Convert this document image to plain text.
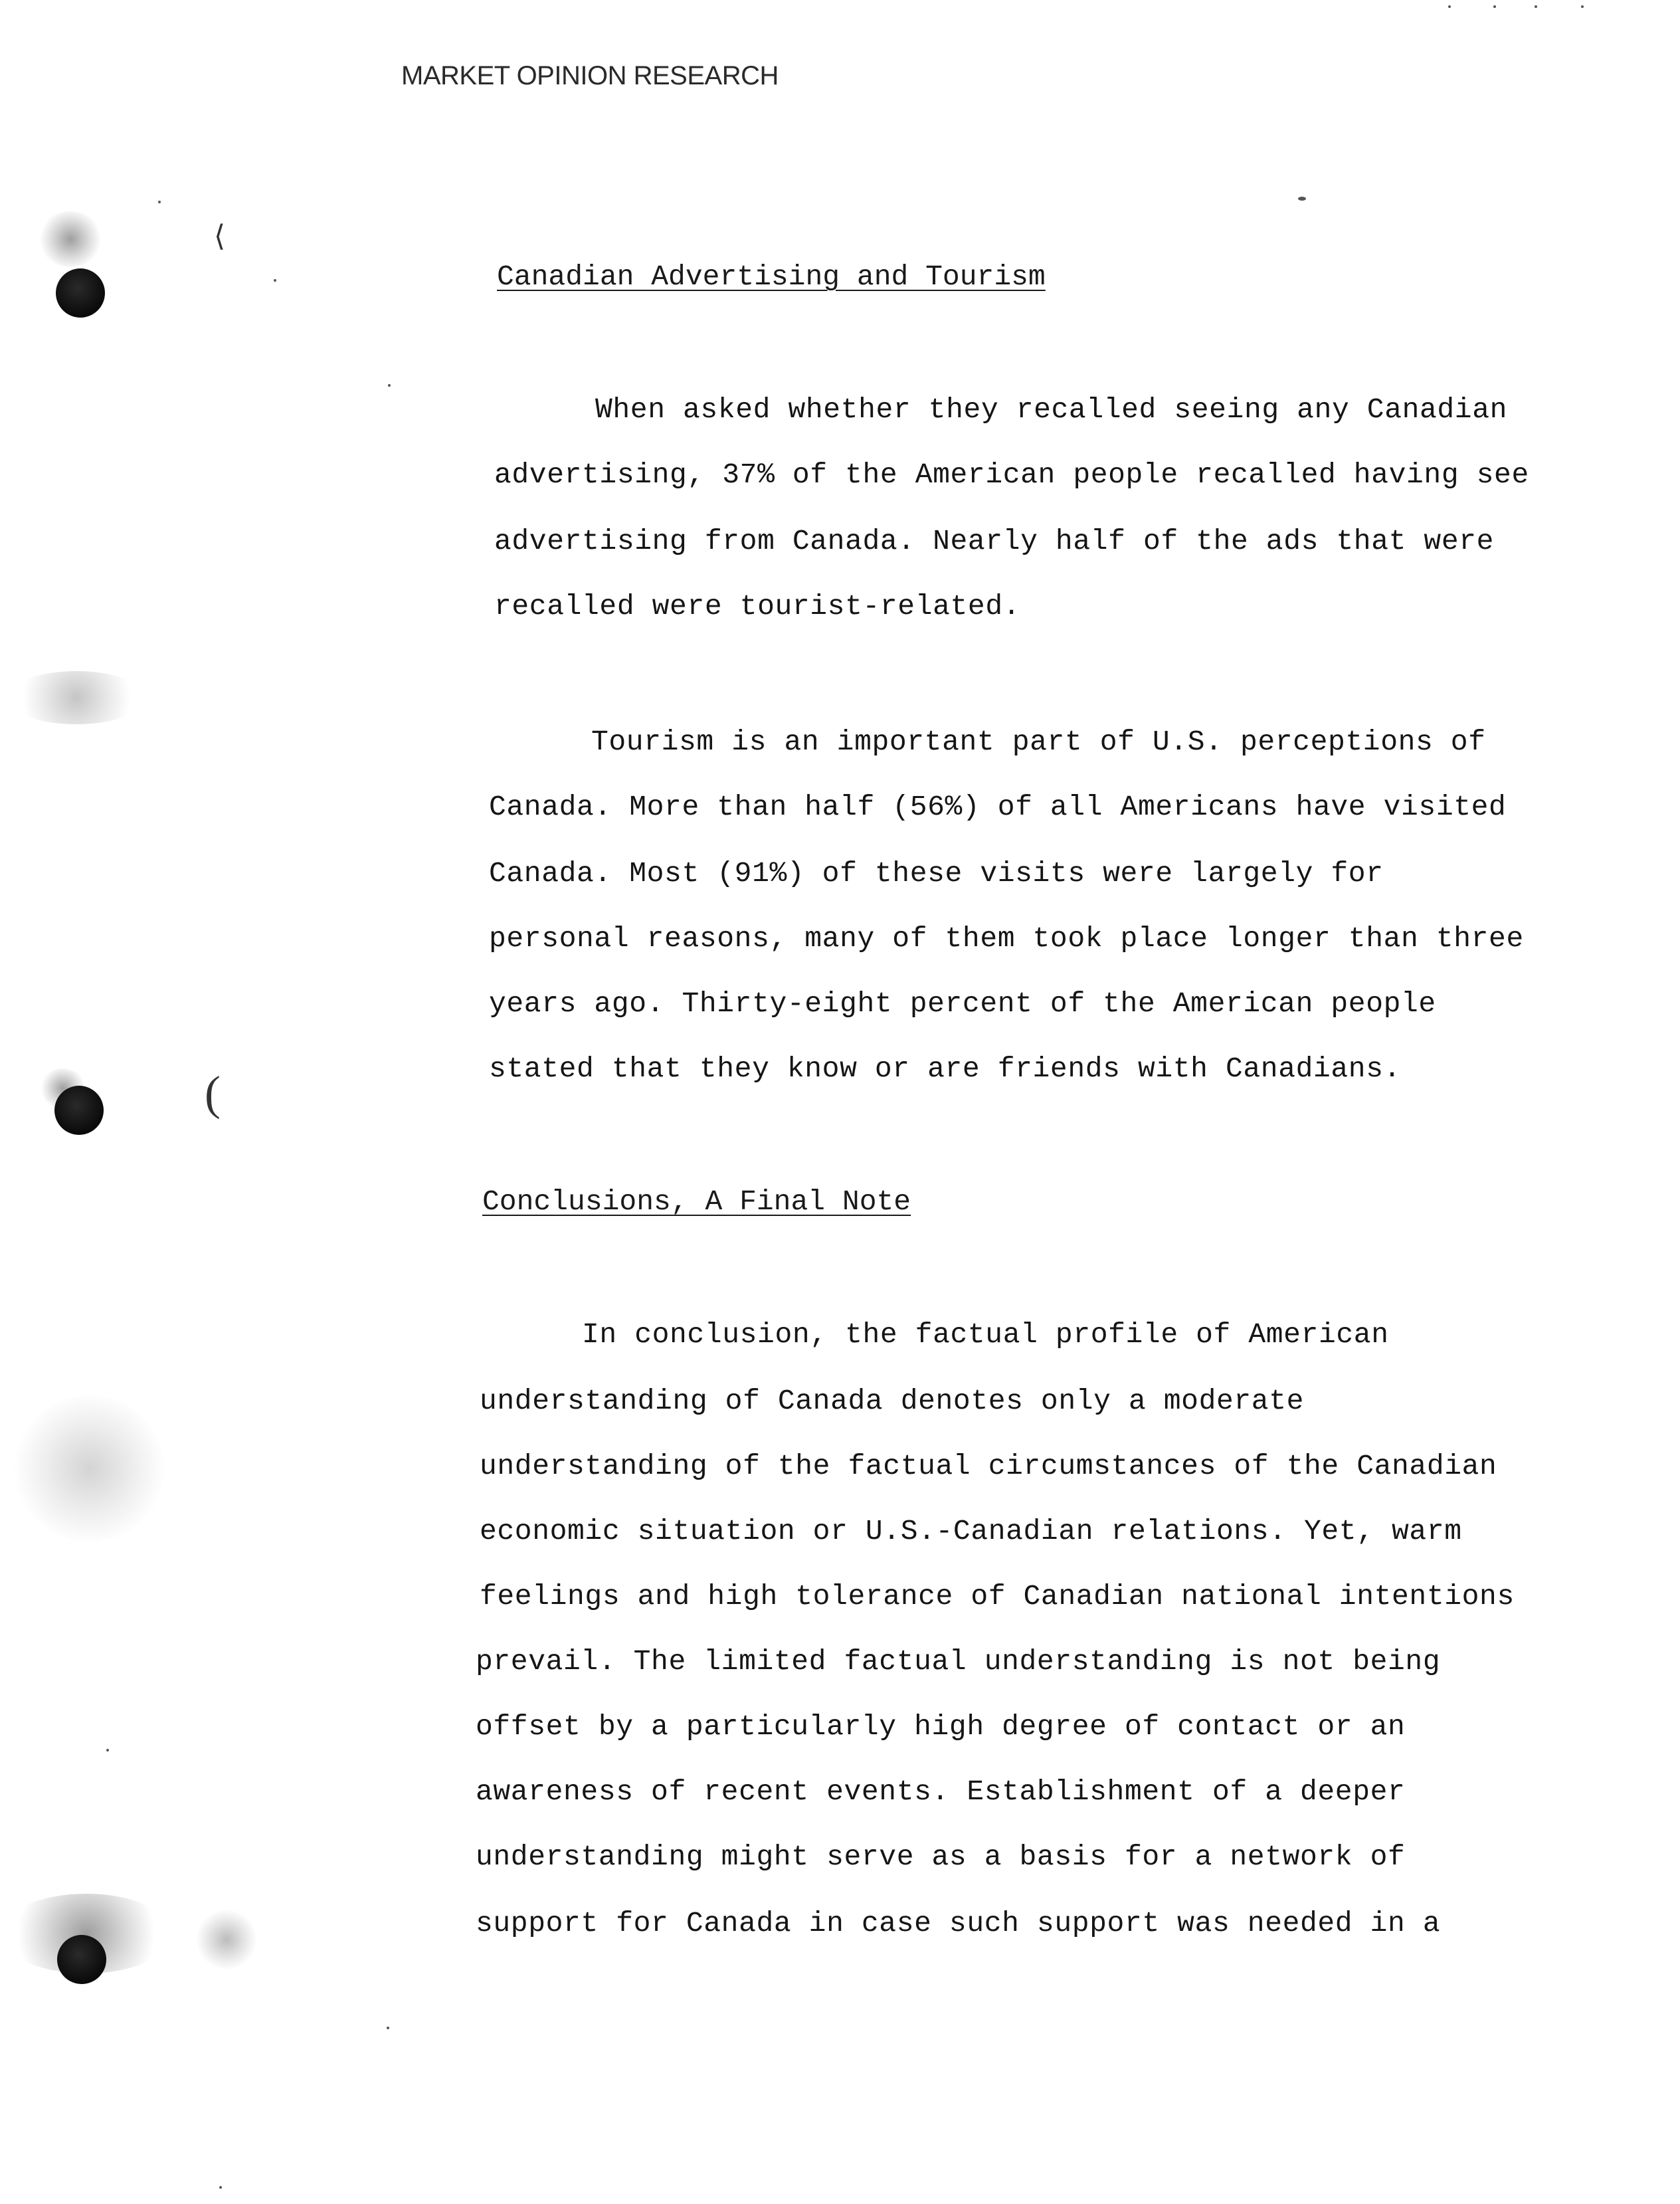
⟨
(
MARKET OPINION RESEARCH
Canadian Advertising and Tourism
When asked whether they recalled seeing any Canadian
advertising, 37% of the American people recalled having see
advertising from Canada. Nearly half of the ads that were
recalled were tourist-related.
Tourism is an important part of U.S. perceptions of
Canada. More than half (56%) of all Americans have visited
Canada. Most (91%) of these visits were largely for
personal reasons, many of them took place longer than three
years ago. Thirty-eight percent of the American people
stated that they know or are friends with Canadians.
Conclusions, A Final Note
In conclusion, the factual profile of American
understanding of Canada denotes only a moderate
understanding of the factual circumstances of the Canadian
economic situation or U.S.-Canadian relations. Yet, warm
feelings and high tolerance of Canadian national intentions
prevail. The limited factual understanding is not being
offset by a particularly high degree of contact or an
awareness of recent events. Establishment of a deeper
understanding might serve as a basis for a network of
support for Canada in case such support was needed in a
